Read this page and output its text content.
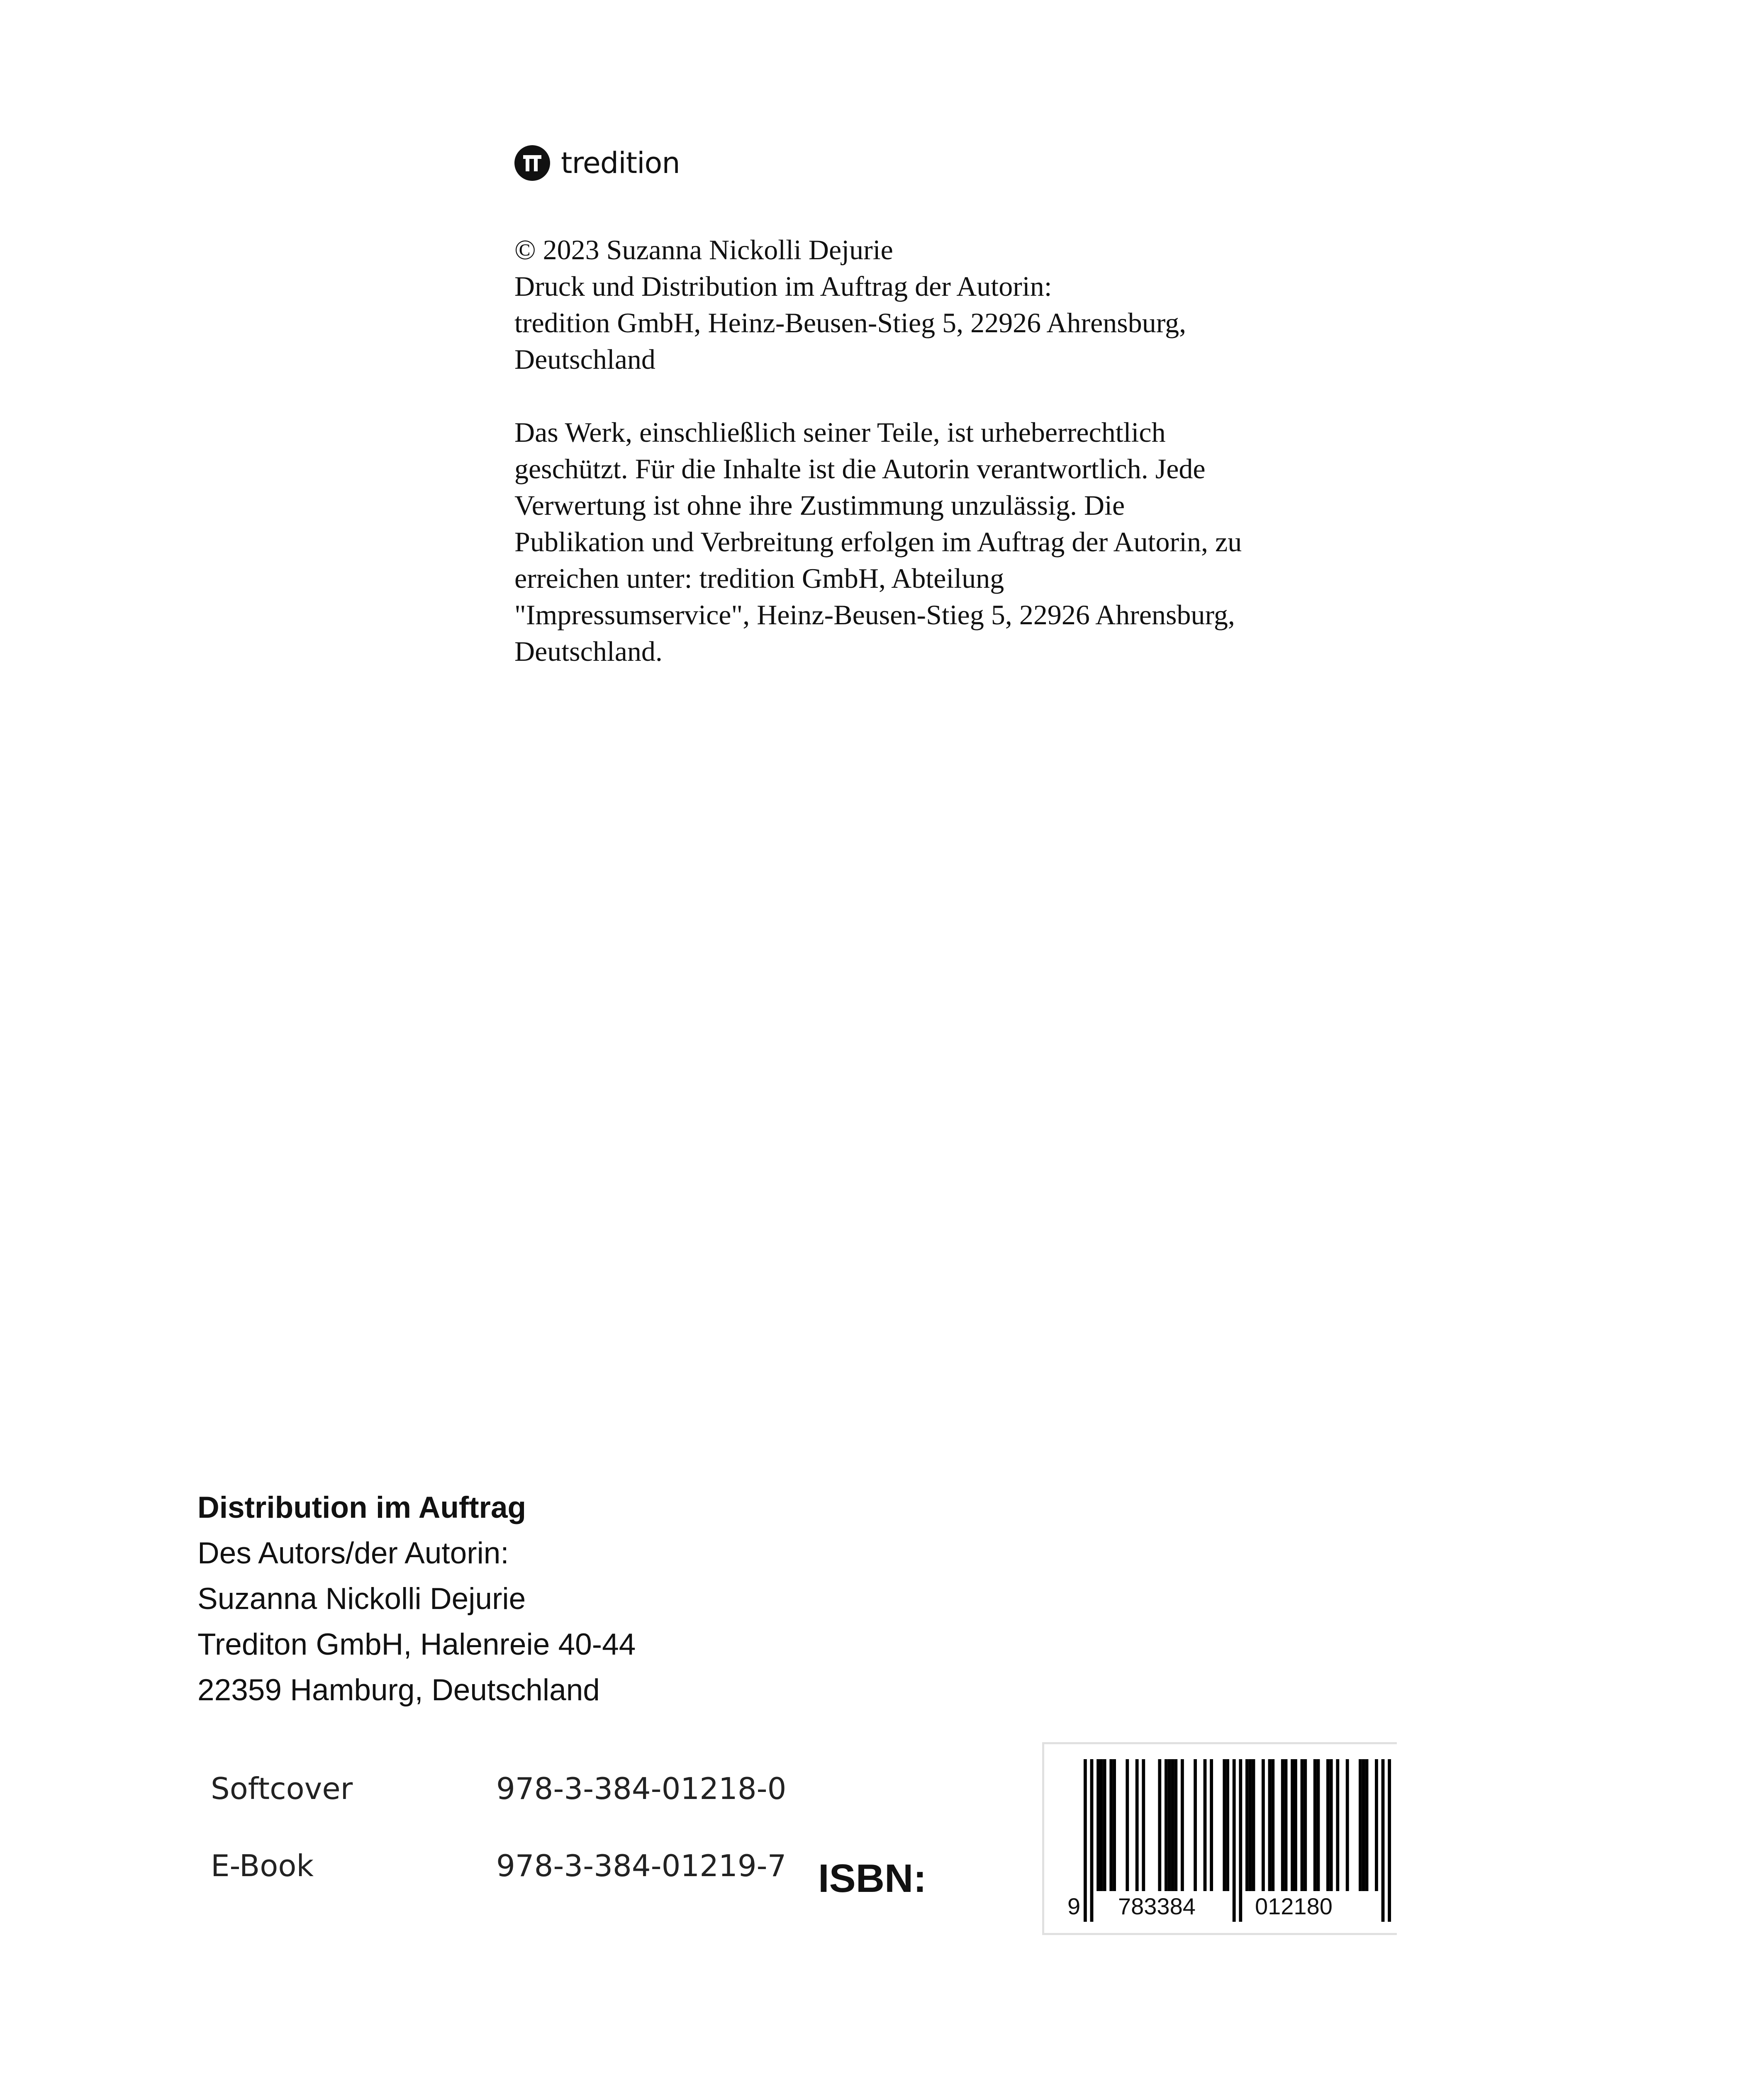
tredition

© 2023 Suzanna Nickolli Dejurie

Druck und Distribution im Auftrag der Autorin:

tredition GmbH, Heinz-Beusen-Stieg 5, 22926 Ahrensburg,

Deutschland

Das Werk, einschließlich seiner Teile, ist urheberrechtlich

geschützt. Für die Inhalte ist die Autorin verantwortlich. Jede

Verwertung ist ohne ihre Zustimmung unzulässig. Die

Publikation und Verbreitung erfolgen im Auftrag der Autorin, zu

erreichen unter: tredition GmbH, Abteilung

"Impressumservice", Heinz-Beusen-Stieg 5, 22926 Ahrensburg,

Deutschland.

Distribution im Auftrag
Des Autors/der Autorin:
Suzanna Nickolli Dejurie
Trediton GmbH, Halenreie 40-44
22359 Hamburg, Deutschland
Softcover	978-3-384-01218-0
E-Book	978-3-384-01219-7 ISBN:
9 783384	012180
